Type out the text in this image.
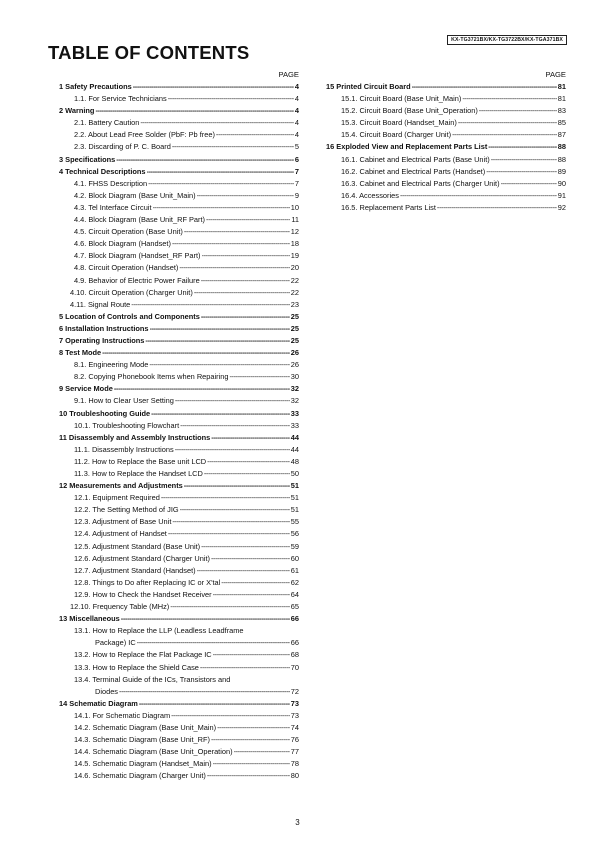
KX-TG3721BX/KX-TG3722BX/KX-TGA371BX
TABLE OF CONTENTS
PAGE
1 Safety Precautions -----	4
1.1. For Service Technicians -----	4
2 Warning -----	4
2.1. Battery Caution -----	4
2.2. About Lead Free Solder (PbF: Pb free) -----	4
2.3. Discarding of P. C. Board -----	5
3 Specifications -----	6
4 Technical Descriptions -----	7
4.1. FHSS Description -----	7
4.2. Block Diagram (Base Unit_Main) -----	9
4.3. Tel Interface Circuit -----	10
4.4. Block Diagram (Base Unit_RF Part) -----	11
4.5. Circuit Operation (Base Unit) -----	12
4.6. Block Diagram (Handset) -----	18
4.7. Block Diagram (Handset_RF Part) -----	19
4.8. Circuit Operation (Handset) -----	20
4.9. Behavior of Electric Power Failure -----	22
4.10. Circuit Operation (Charger Unit) -----	22
4.11. Signal Route -----	23
5 Location of Controls and Components -----	25
6 Installation Instructions -----	25
7 Operating Instructions -----	25
8 Test Mode -----	26
8.1. Engineering Mode -----	26
8.2. Copying Phonebook Items when Repairing -----	30
9 Service Mode -----	32
9.1. How to Clear User Setting -----	32
10 Troubleshooting Guide -----	33
10.1. Troubleshooting Flowchart -----	33
11 Disassembly and Assembly Instructions -----	44
11.1. Disassembly Instructions -----	44
11.2. How to Replace the Base unit LCD -----	48
11.3. How to Replace the Handset LCD -----	50
12 Measurements and Adjustments -----	51
12.1. Equipment Required -----	51
12.2. The Setting Method of JIG -----	51
12.3. Adjustment of Base Unit -----	55
12.4. Adjustment of Handset -----	56
12.5. Adjustment Standard (Base Unit) -----	59
12.6. Adjustment Standard (Charger Unit) -----	60
12.7. Adjustment Standard (Handset) -----	61
12.8. Things to Do after Replacing IC or X'tal -----	62
12.9. How to Check the Handset Receiver -----	64
12.10. Frequency Table (MHz) -----	65
13 Miscellaneous -----	66
13.1. How to Replace the LLP (Leadless Leadframe
Package) IC -----	66
13.2. How to Replace the Flat Package IC -----	68
13.3. How to Replace the Shield Case -----	70
13.4. Terminal Guide of the ICs, Transistors and
Diodes -----	72
14 Schematic Diagram -----	73
14.1. For Schematic Diagram -----	73
14.2. Schematic Diagram (Base Unit_Main) -----	74
14.3. Schematic Diagram (Base Unit_RF) -----	76
14.4. Schematic Diagram (Base Unit_Operation) -----	77
14.5. Schematic Diagram (Handset_Main) -----	78
14.6. Schematic Diagram (Charger Unit) -----	80
PAGE
15 Printed Circuit Board -----	81
15.1. Circuit Board (Base Unit_Main) -----	81
15.2. Circuit Board (Base Unit_Operation) -----	83
15.3. Circuit Board (Handset_Main) -----	85
15.4. Circuit Board (Charger Unit) -----	87
16 Exploded View and Replacement Parts List -----	88
16.1. Cabinet and Electrical Parts (Base Unit) -----	88
16.2. Cabinet and Electrical Parts (Handset) -----	89
16.3. Cabinet and Electrical Parts (Charger Unit) -----	90
16.4. Accessories -----	91
16.5. Replacement Parts List -----	92
3
